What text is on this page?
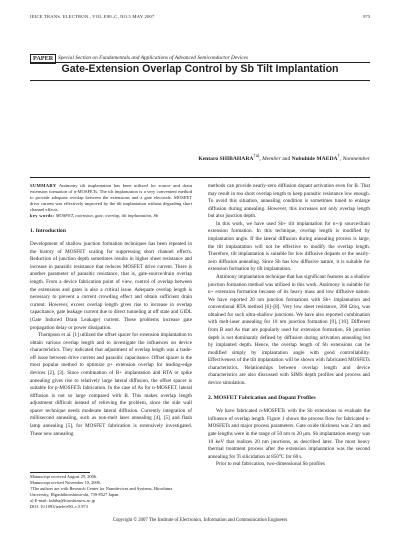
IEICE TRANS. ELECTRON., VOL.E90–C, NO.5 MAY 2007	973
PAPER Special Section on Fundamentals and Applications of Advanced Semiconductor Devices
Gate-Extension Overlap Control by Sb Tilt Implantation
Kentaro SHIBAHARA$^{\dagger a)}$, Member and Nobuhide MAEDA†, Nonmember

SUMMARY Antimony tilt implantation has been utilized for source and drain extension formation of n-MOSFETs. The tilt implantation is a very convenient method to provide adequate overlap between the extensions and a gate electrode. MOSFET drive current was effectively improved by the tilt implantation without degrading short channel effects.

key words: MOSFET, extension, gate, overlap, tilt implantation, Sb

1. Introduction

Development of shallow junction formation techniques has been repeated in the history of MOSFET scaling for suppressing short channel effects. Reduction of junction depth sometimes results in higher sheet resistance and increase in parasitic resistance that reduces MOSFET drive current. There is another parameter of parasitic resistance, that is, gate-source/drain overlap length. From a device fabrication point of view, control of overlap between the extensions and gates is also a critical issue. Adequate overlap length is necessary to prevent a current crowding effect and obtain sufficient drain current. However, excess overlap length gives rise to increase in overlap capacitance, gate leakage current due to direct tunneling at off state and GIDL (Gate Induced Drain Leakage) current. These problems increase gate propagation delay or power dissipation.

Thompson et al. [1] utilized the offset spacer for extension implantation to obtain various overlap length and to investigate the influences on device characteristics. They indicated that adjustment of overlap length was a trade-off issue between drive current and parasitic capacitance. Offset spacer is the most popular method to optimize p+ extension overlap for leading-edge devices [2], [3]. Since combination of B+ implantation and RTA or spike annealing gives rise to relatively large lateral diffusion, the offset spacer is suitable for p-MOSFETs fabrication. In the case of As for n-MOSFET, lateral diffusion is not so large compared with B. This makes overlap length adjustment difficult instead of relieving the problem, since the side wall spacer technique needs moderate lateral diffusion. Currently integration of millisecond annealing, such as non-melt laser annealing [4], [5] and flash lamp annealing [5], for MOSFET fabrication is extensively investigated. These new annealing

methods can provide nearly-zero diffusion dopant activation even for B. That may result in too short overlap length to keep parasitic resistance low enough. To avoid this situation, annealing condition is sometimes tuned to enlarge diffusion during annealing. However, this increases not only overlap length but also junction depth.

In this work, we have used Sb+ tilt implantation for n+/p source/drain extension formation. In this technique, overlap length is modified by implantation angle. If the lateral diffusion during annealing process is large, the tilt implantation will not be effective to modify the overlap length. Therefore, tilt implantation is suitable for low diffusive dopants or the nearly-zero diffusion annealing. Since Sb has low diffusive nature, it is suitable for extension formation by tilt implantation.

Antimony implantation technique that has significant features as a shallow junction formation method was utilized in this work. Antimony is suitable for n+ extension formation because of its heavy mass and low diffusive nature. We have reported 20 nm junction formations with Sb+ implantation and conventional RTA method [6]–[8]. Very low sheet resistance, 260 Ω/sq, was obtained for such ultra-shallow junctions. We have also reported combination with melt-laser annealing for 10 nm junction formation [9], [10]. Different from B and As that are popularly used for extension formation, Sb junction depth is not dominantly defined by diffusion during activation annealing but by implanted depth. Hence, the overlap length of Sb extensions can be modified simply by implantation angle with good controllability. Effectiveness of the tilt implantation will be shown with fabricated MOSFETs characteristics. Relationships between overlap length and device characteristics are also discussed with SIMS depth profiles and process and device simulation.

2. MOSFET Fabrication and Dopant Profiles

We have fabricated n-MOSFETs with the Sb extensions to evaluate the influence of overlap length. Figure 1 shows the process flow for fabricated n-MOSFETs and major process parameters. Gate oxide thickness was 2 nm and gate lengths were in the range of 50 nm to 20 μm. Sb implantation energy was 10 keV that realizes 20 nm junctions, as described later. The most heavy thermal treatment process after the extension implantation was the second annealing for Ti silicidation at 850°C for 60 s.

Prior to real fabrication, two-dimensional Sb profiles

Manuscript received August 29, 2006.

Manuscript revised November 10, 2006.

†The authors are with Research Center for Nanodevices and Systems, Hiroshima University, Higashihiroshima-shi, 739-8527 Japan.

a) E-mail: kshiba@hiroshima-u.ac.jp

DOI: 10.1093/ietele/e90–c.5.973

Copyright © 2007 The Institute of Electronics, Information and Communication Engineers
